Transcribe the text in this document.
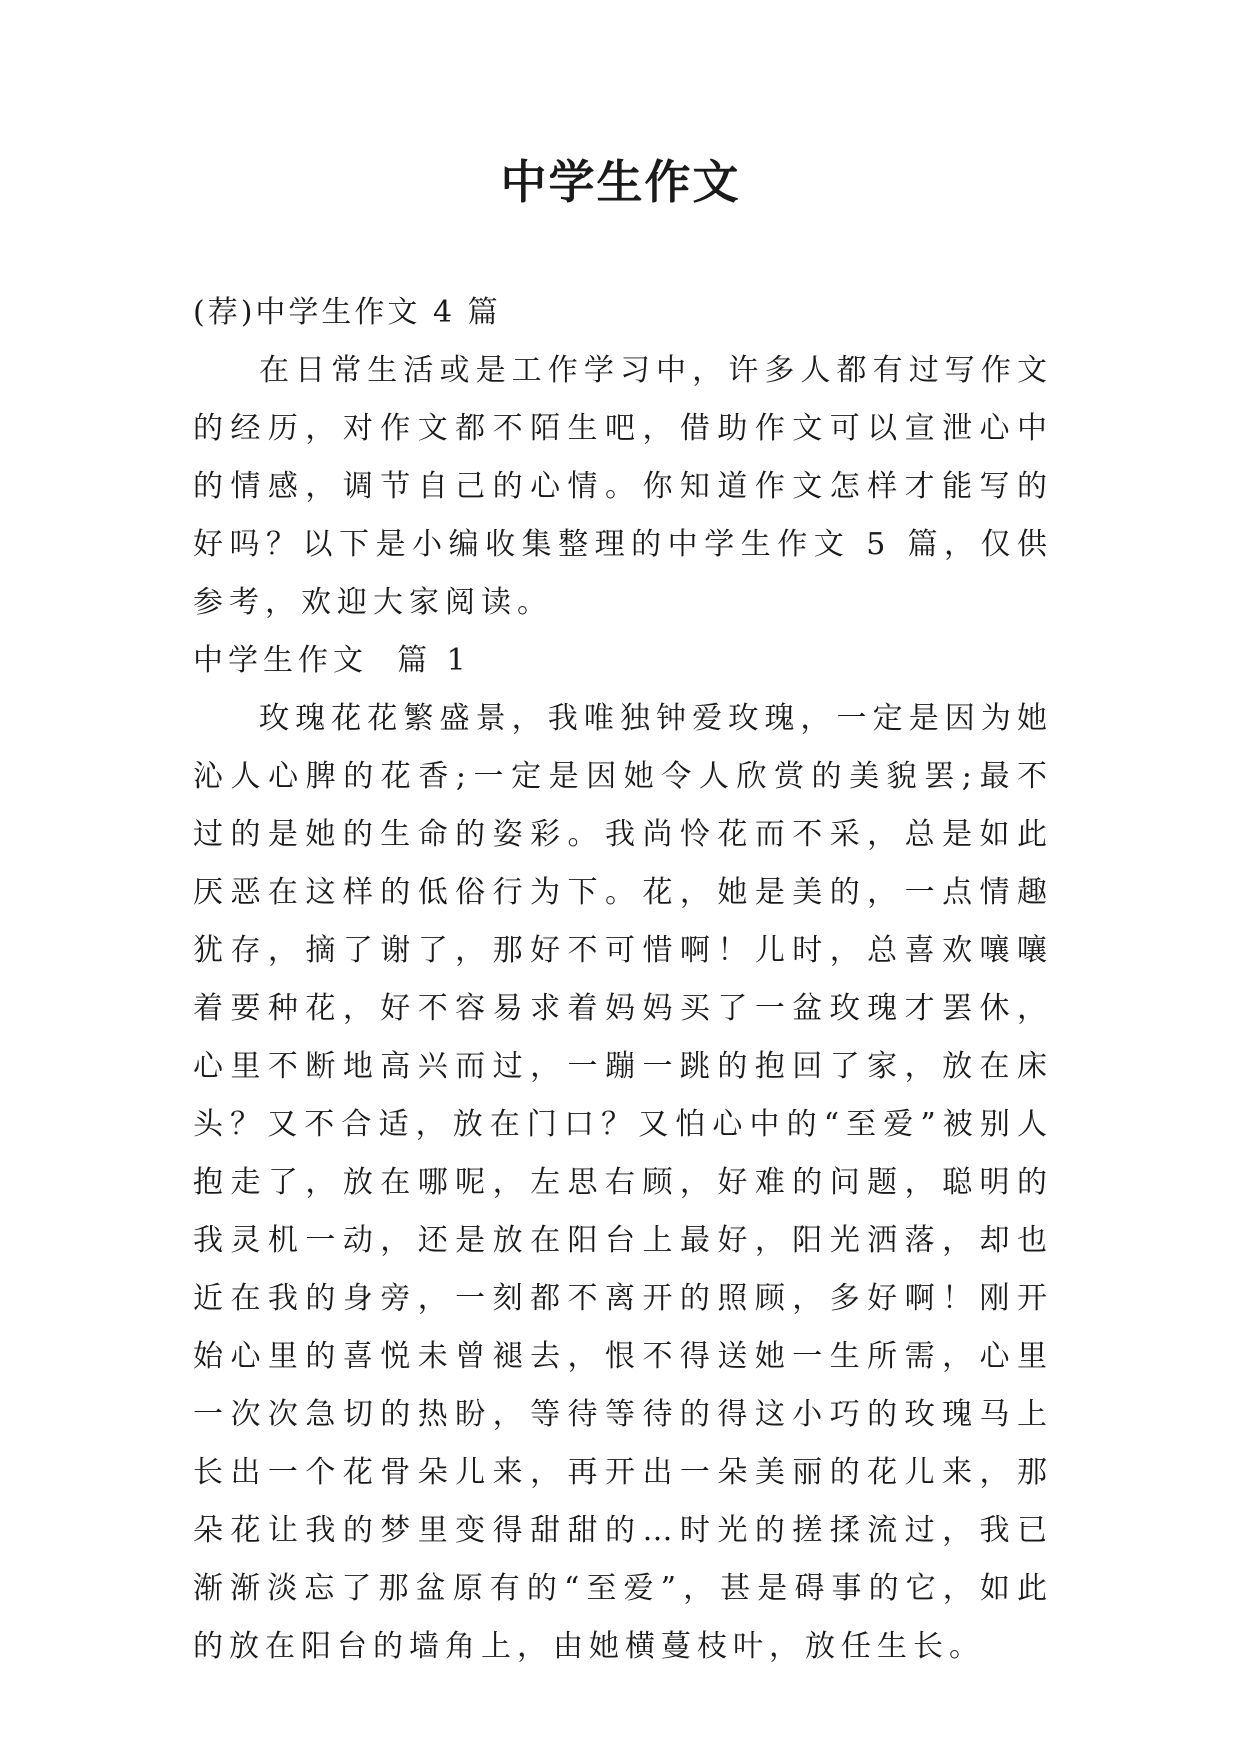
中学生作文

(荐)中学生作文 4 篇

在日常生活或是工作学习中，许多人都有过写作文的经历，对作文都不陌生吧，借助作文可以宣泄心中的情感，调节自己的心情。你知道作文怎样才能写的好吗？以下是小编收集整理的中学生作文 5 篇，仅供参考，欢迎大家阅读。

中学生作文  篇 1

玫瑰花花繁盛景，我唯独钟爱玫瑰，一定是因为她沁人心脾的花香;一定是因她令人欣赏的美貌罢;最不过的是她的生命的姿彩。我尚怜花而不采，总是如此厌恶在这样的低俗行为下。花，她是美的，一点情趣犹存，摘了谢了，那好不可惜啊！儿时，总喜欢嚷嚷着要种花，好不容易求着妈妈买了一盆玫瑰才罢休，心里不断地高兴而过，一蹦一跳的抱回了家，放在床头？又不合适，放在门口？又怕心中的“至爱”被别人抱走了，放在哪呢，左思右顾，好难的问题，聪明的我灵机一动，还是放在阳台上最好，阳光洒落，却也近在我的身旁，一刻都不离开的照顾，多好啊！刚开始心里的喜悦未曾褪去，恨不得送她一生所需，心里一次次急切的热盼，等待等待的得这小巧的玫瑰马上长出一个花骨朵儿来，再开出一朵美丽的花儿来，那朵花让我的梦里变得甜甜的…时光的搓揉流过，我已渐渐淡忘了那盆原有的“至爱”，甚是碍事的它，如此的放在阳台的墙角上，由她横蔓枝叶，放任生长。
